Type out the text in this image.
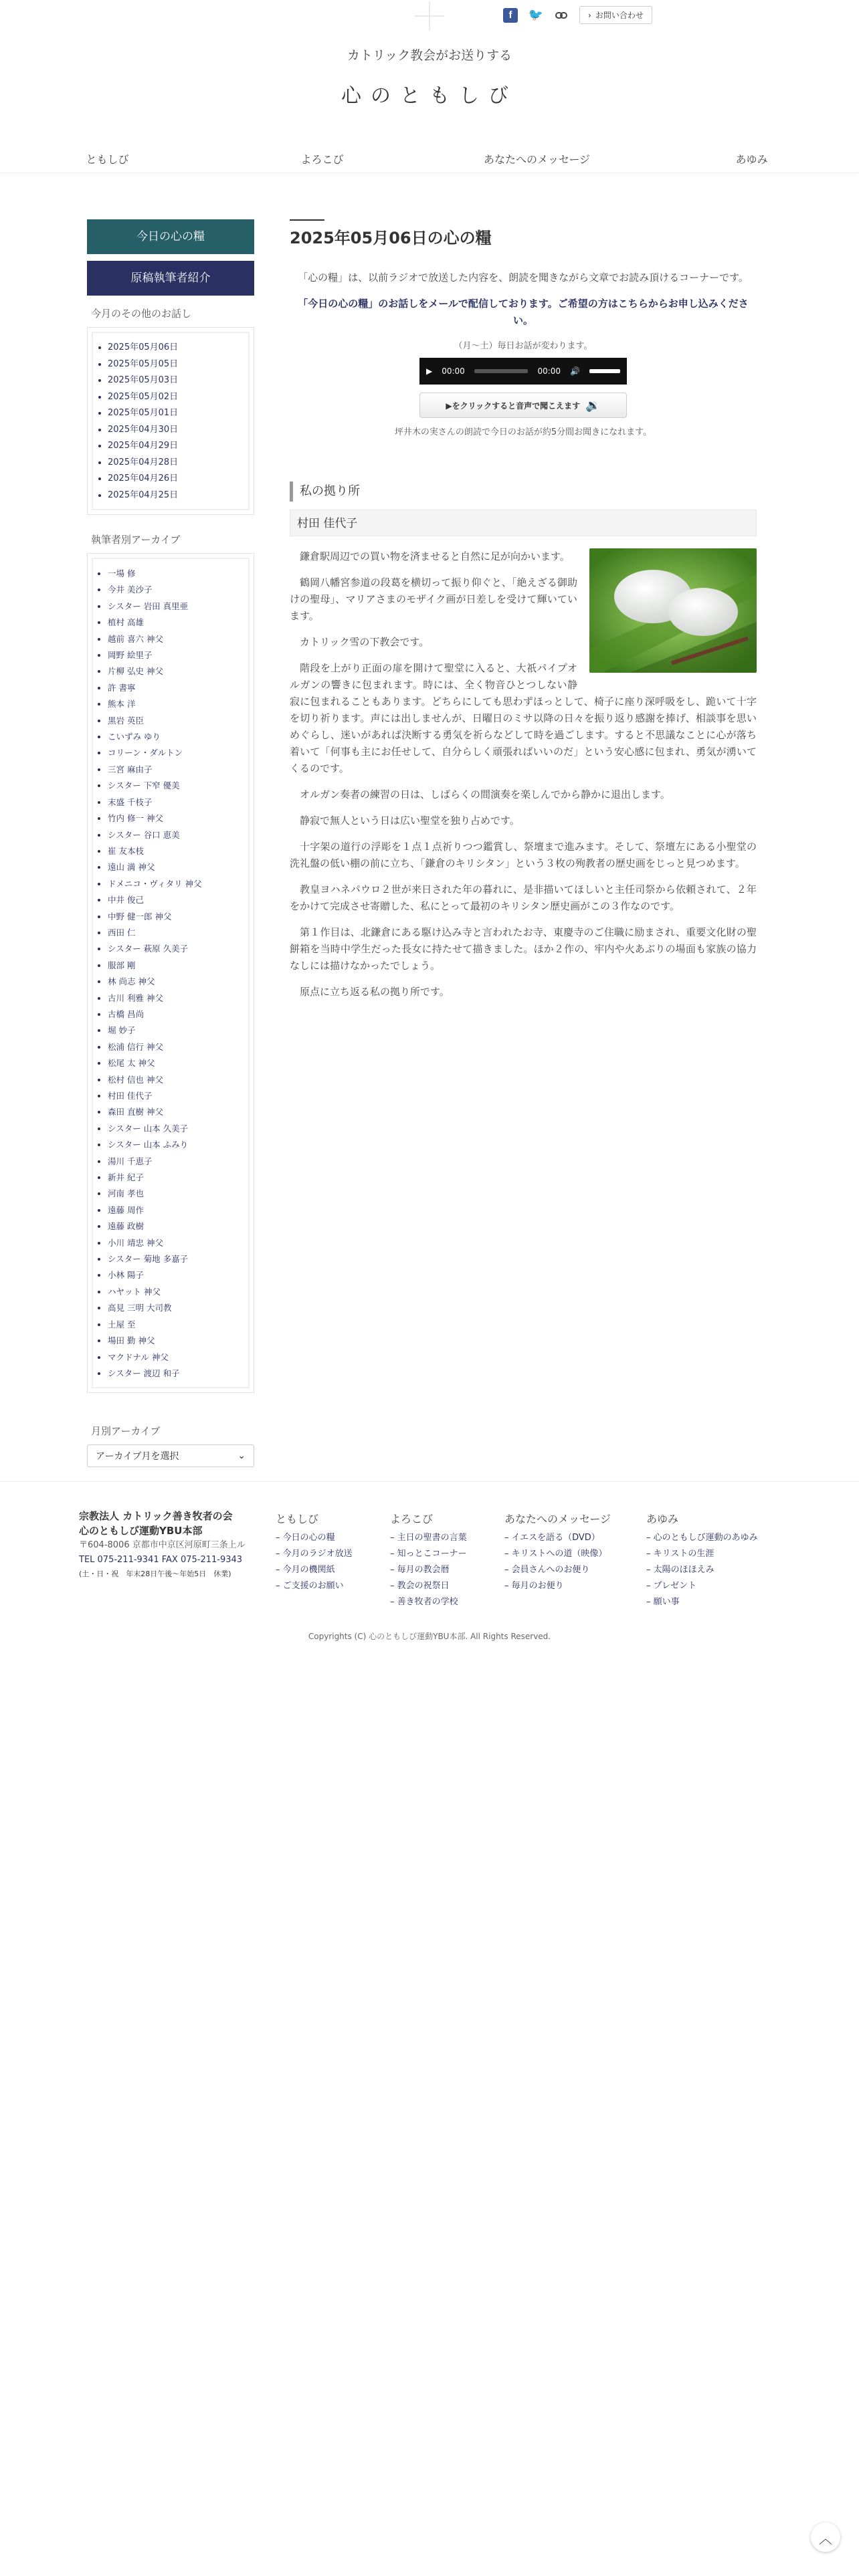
f	🐦	› お問い合わせ
カトリック教会がお送りする
心のともしび
ともしび	よろこび	あなたへのメッセージ	あゆみ
今日の心の糧
原稿執筆者紹介
今月のその他のお話し
• 2025年05月06日
• 2025年05月05日
• 2025年05月03日
• 2025年05月02日
• 2025年05月01日
• 2025年04月30日
• 2025年04月29日
• 2025年04月28日
• 2025年04月26日
• 2025年04月25日
執筆者別アーカイブ
• 一場 修
• 今井 美沙子
• シスター 岩田 真里亜
• 植村 高雄
• 越前 喜六 神父
• 岡野 絵里子
• 片柳 弘史 神父
• 許 書寧
• 熊本 洋
• 黒岩 英臣
• こいずみ ゆり
• コリーン・ダルトン
• 三宮 麻由子
• シスター 下窄 優美
• 末盛 千枝子
• 竹内 修一 神父
• シスター 谷口 恵美
• 崔 友本枝
• 遠山 満 神父
• ドメニコ・ヴィタリ 神父
• 中井 俊己
• 中野 健一郎 神父
• 西田 仁
• シスター 萩原 久美子
• 服部 剛
• 林 尚志 神父
• 古川 利雅 神父
• 古橋 昌尚
• 堀 妙子
• 松浦 信行 神父
• 松尾 太 神父
• 松村 信也 神父
• 村田 佳代子
• 森田 直樹 神父
• シスター 山本 久美子
• シスター 山本 ふみり
• 湯川 千恵子
• 新井 紀子
• 河南 孝也
• 遠藤 周作
• 遠藤 政樹
• 小川 靖忠 神父
• シスター 菊地 多嘉子
• 小林 陽子
• ハヤット 神父
• 高見 三明 大司教
• 土屋 至
• 場田 勤 神父
• マクドナル 神父
• シスター 渡辺 和子
月別アーカイブ
アーカイブ月を選択	⌄
2025年05月06日の心の糧

「心の糧」は、以前ラジオで放送した内容を、朗読を聞きながら文章でお読み頂けるコーナーです。

「今日の心の糧」のお話しをメールで配信しております。ご希望の方はこちらからお申し込みください。

（月〜土）毎日お話が変わります。

▶ 00:00	00:00 🔊
▶をクリックすると音声で聞こえます 🔉

坪井木の実さんの朗読で今日のお話が約5分間お聞きになれます。

私の拠り所
村田 佳代子

鎌倉駅周辺での買い物を済ませると自然に足が向かいます。

鶴岡八幡宮参道の段葛を横切って振り仰ぐと、「絶えざる御助けの聖母」、マリアさまのモザイク画が日差しを受けて輝いています。

カトリック雪の下教会です。

階段を上がり正面の扉を開けて聖堂に入ると、大祇パイプオルガンの響きに包まれます。時には、全く物音ひとつしない静寂に包まれることもあります。どちらにしても思わずほっとして、椅子に座り深呼吸をし、跪いて十字を切り祈ります。声には出しませんが、日曜日のミサ以降の日々を振り返り感謝を捧げ、相談事を思いめぐらし、迷いがあれば決断する勇気を祈らなどして時を過ごします。すると不思議なことに心が落ち着いて「何事も主にお任せして、自分らしく頑張ればいいのだ」という安心感に包まれ、勇気が湧いてくるのです。

オルガン奏者の練習の日は、しばらくの間演奏を楽しんでから静かに退出します。

静寂で無人という日は広い聖堂を独り占めです。

十字架の道行の浮彫を１点１点祈りつつ鑑賞し、祭壇まで進みます。そして、祭壇左にある小聖堂の洗礼盤の低い棚の前に立ち、「鎌倉のキリシタン」という３枚の殉教者の歴史画をじっと見つめます。

教皇ヨハネパウロ２世が来日された年の暮れに、是非描いてほしいと主任司祭から依頼されて、２年をかけて完成させ寄贈した、私にとって最初のキリシタン歴史画がこの３作なのです。

第１作目は、北鎌倉にある駆け込み寺と言われたお寺、東慶寺のご住職に励まされ、重要文化財の聖餅箱を当時中学生だった長女に持たせて描きました。ほか２作の、牢内や火あぶりの場面も家族の協力なしには描けなかったでしょう。

原点に立ち返る私の拠り所です。

宗教法人 カトリック善き牧者の会
心のともしび運動YBU本部
〒604-8006 京都市中京区河原町三条上ル
TEL 075-211-9341 FAX 075-211-9343
(土・日・祝　年末28日午後〜年始5日　休業)
ともしび
– 今日の心の糧
– 今月のラジオ放送
– 今月の機関紙
– ご支援のお願い
よろこび
– 主日の聖書の言葉
– 知っとこコーナー
– 毎月の教会暦
– 教会の祝祭日
– 善き牧者の学校
あなたへのメッセージ
– イエスを語る（DVD）
– キリストへの道（映像）
– 会員さんへのお便り
– 毎月のお便り
あゆみ
– 心のともしび運動のあゆみ
– キリストの生涯
– 太陽のほほえみ
– プレゼント
– 願い事
Copyrights (C) 心のともしび運動YBU本部. All Rights Reserved.
︿
